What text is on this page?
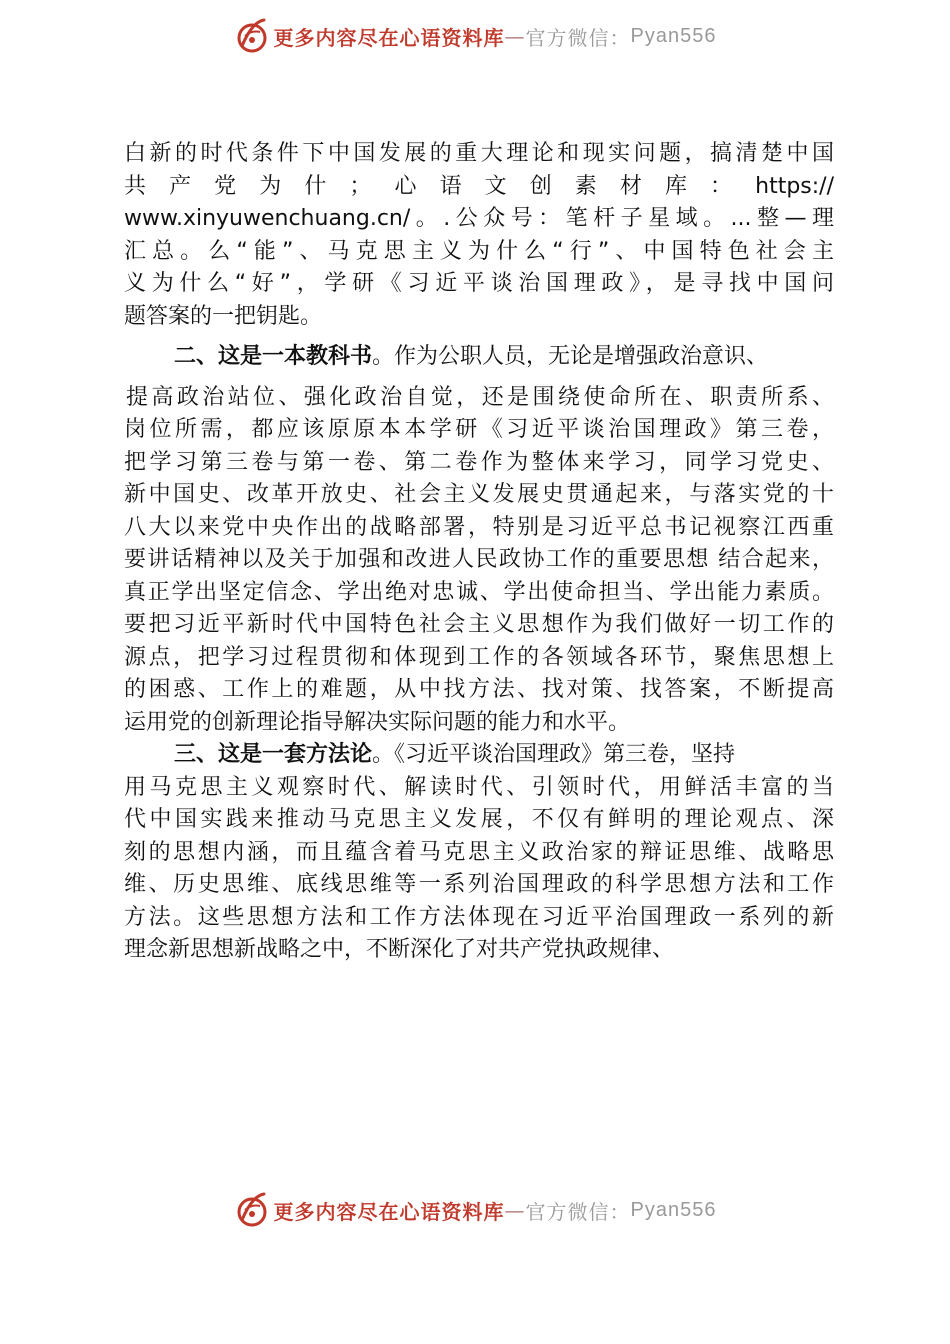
更多内容尽在心语资料库 — 官方微信： Pyan556
白新的时代条件下中国发展的重大理论和现实问题，搞清楚中国
共产党为什；心语文创素材库：https://
www.xinyuwenchuang.cn/。.公众号：笔杆子星域。...整—理
汇总。么“能”、马克思主义为什么“行”、中国特色社会主
义为什么“好”，学研《习近平谈治国理政》，是寻找中国问
题答案的一把钥匙。
二、这是一本教科书。作为公职人员，无论是增强政治意识、
提高政治站位、强化政治自觉，还是围绕使命所在、职责所系、
岗位所需，都应该原原本本学研《习近平谈治国理政》第三卷，
把学习第三卷与第一卷、第二卷作为整体来学习，同学习党史、
新中国史、改革开放史、社会主义发展史贯通起来，与落实党的十
八大以来党中央作出的战略部署，特别是习近平总书记视察江西重
要讲话精神以及关于加强和改进人民政协工作的重要思想 结合起来，
真正学出坚定信念、学出绝对忠诚、学出使命担当、学出能力素质。
要把习近平新时代中国特色社会主义思想作为我们做好一切工作的
源点，把学习过程贯彻和体现到工作的各领域各环节，聚焦思想上
的困惑、工作上的难题，从中找方法、找对策、找答案，不断提高
运用党的创新理论指导解决实际问题的能力和水平。
三、这是一套方法论。《习近平谈治国理政》第三卷，坚持
用马克思主义观察时代、解读时代、引领时代，用鲜活丰富的当
代中国实践来推动马克思主义发展，不仅有鲜明的理论观点、深
刻的思想内涵，而且蕴含着马克思主义政治家的辩证思维、战略思
维、历史思维、底线思维等一系列治国理政的科学思想方法和工作
方法。这些思想方法和工作方法体现在习近平治国理政一系列的新
理念新思想新战略之中，不断深化了对共产党执政规律、
更多内容尽在心语资料库 — 官方微信： Pyan556
